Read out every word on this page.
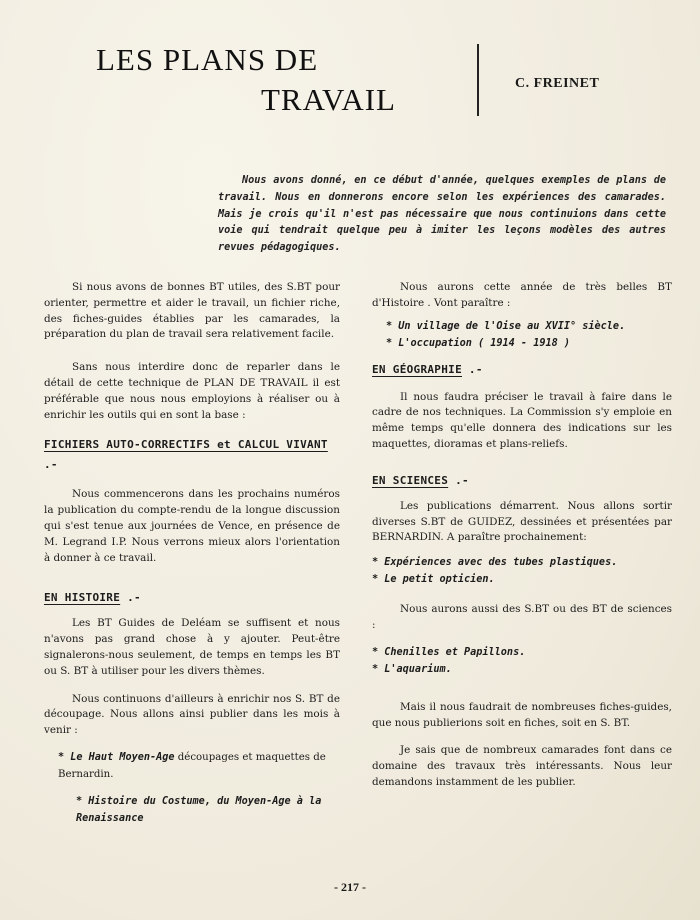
LES PLANS DE
TRAVAIL	C. FREINET

Nous avons donné, en ce début d'année, quelques exemples de plans de travail. Nous en donnerons encore selon les expériences des camarades. Mais je crois qu'il n'est pas nécessaire que nous continuions dans cette voie qui tendrait quelque peu à imiter les leçons modèles des autres revues pédagogiques.

Si nous avons de bonnes BT utiles, des S.BT pour orienter, permettre et aider le travail, un fichier riche, des fiches-guides établies par les camarades, la préparation du plan de travail sera relativement facile.

Sans nous interdire donc de reparler dans le détail de cette technique de PLAN DE TRAVAIL il est préférable que nous nous employions à réaliser ou à enrichir les outils qui en sont la base :

FICHIERS AUTO-CORRECTIFS et CALCUL VIVANT .-

Nous commencerons dans les prochains numéros la publication du compte-rendu de la longue discussion qui s'est tenue aux journées de Vence, en présence de M. Legrand I.P. Nous verrons mieux alors l'orientation à donner à ce travail.

EN HISTOIRE .-

Les BT Guides de Deléam se suffisent et nous n'avons pas grand chose à y ajouter. Peut-être signalerons-nous seulement, de temps en temps les BT ou S. BT à utiliser pour les divers thèmes.

Nous continuons d'ailleurs à enrichir nos S. BT de découpage. Nous allons ainsi publier dans les mois à venir :

* Le Haut Moyen-Age découpages et maquettes de Bernardin.

* Histoire du Costume, du Moyen-Age à la Renaissance

Nous aurons cette année de très belles BT d'Histoire . Vont paraître :

* Un village de l'Oise au XVII° siècle.

* L'occupation ( 1914 - 1918 )

EN GÉOGRAPHIE .-

Il nous faudra préciser le travail à faire dans le cadre de nos techniques. La Commission s'y emploie en même temps qu'elle donnera des indications sur les maquettes, dioramas et plans-reliefs.

EN SCIENCES .-

Les publications démarrent. Nous allons sortir diverses S.BT de GUIDEZ, dessinées et présentées par BERNARDIN. A paraître prochainement:

* Expériences avec des tubes plastiques.

* Le petit opticien.

Nous aurons aussi des S.BT ou des BT de sciences :

* Chenilles et Papillons.

* L'aquarium.

Mais il nous faudrait de nombreuses fiches-guides, que nous publierions soit en fiches, soit en S. BT.

Je sais que de nombreux camarades font dans ce domaine des travaux très intéressants. Nous leur demandons instamment de les publier.

- 217 -
